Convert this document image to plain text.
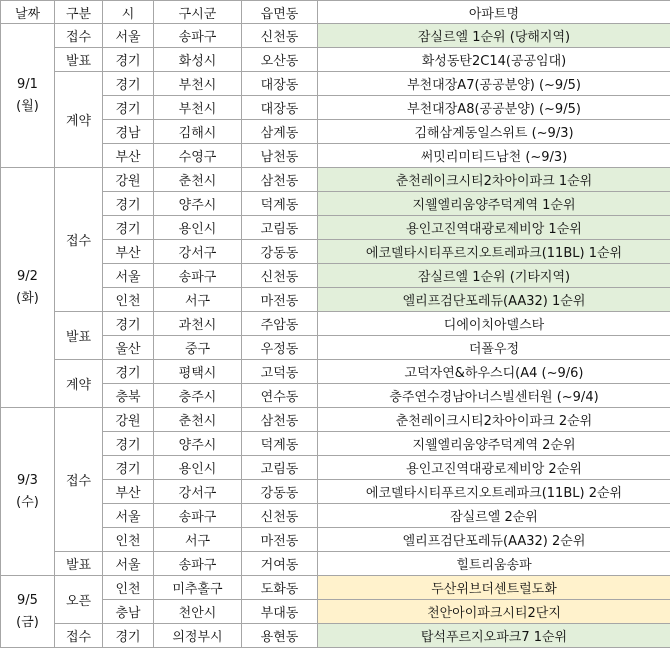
날짜	구분	시	구시군	읍면동	아파트명

9/1
(월)	접수	서울	송파구	신천동	잠실르엘 1순위 (당해지역)
	발표	경기	화성시	오산동	화성동탄2C14(공공임대)
	계약	경기	부천시	대장동	부천대장A7(공공분양) (~9/5)
		경기	부천시	대장동	부천대장A8(공공분양) (~9/5)
		경남	김해시	삼계동	김해삼계동일스위트 (~9/3)
		부산	수영구	남천동	써밋리미티드남천 (~9/3)

9/2
(화)	접수	강원	춘천시	삼천동	춘천레이크시티2차아이파크 1순위
		경기	양주시	덕계동	지웰엘리움양주덕계역 1순위
		경기	용인시	고림동	용인고진역대광로제비앙 1순위
		부산	강서구	강동동	에코델타시티푸르지오트레파크(11BL) 1순위
		서울	송파구	신천동	잠실르엘 1순위 (기타지역)
		인천	서구	마전동	엘리프검단포레듀(AA32) 1순위
	발표	경기	과천시	주암동	디에이치아델스타
		울산	중구	우정동	더폴우정
	계약	경기	평택시	고덕동	고덕자연&하우스디(A4 (~9/6)
		충북	충주시	연수동	충주연수경남아너스빌센터원 (~9/4)

9/3
(수)	접수	강원	춘천시	삼천동	춘천레이크시티2차아이파크 2순위
		경기	양주시	덕계동	지웰엘리움양주덕계역 2순위
		경기	용인시	고림동	용인고진역대광로제비앙 2순위
		부산	강서구	강동동	에코델타시티푸르지오트레파크(11BL) 2순위
		서울	송파구	신천동	잠실르엘 2순위
		인천	서구	마전동	엘리프검단포레듀(AA32) 2순위
	발표	서울	송파구	거여동	힐트리움송파

9/5
(금)	오픈	인천	미추홀구	도화동	두산위브더센트럴도화
		충남	천안시	부대동	천안아이파크시티2단지
	접수	경기	의정부시	용현동	탑석푸르지오파크7 1순위
